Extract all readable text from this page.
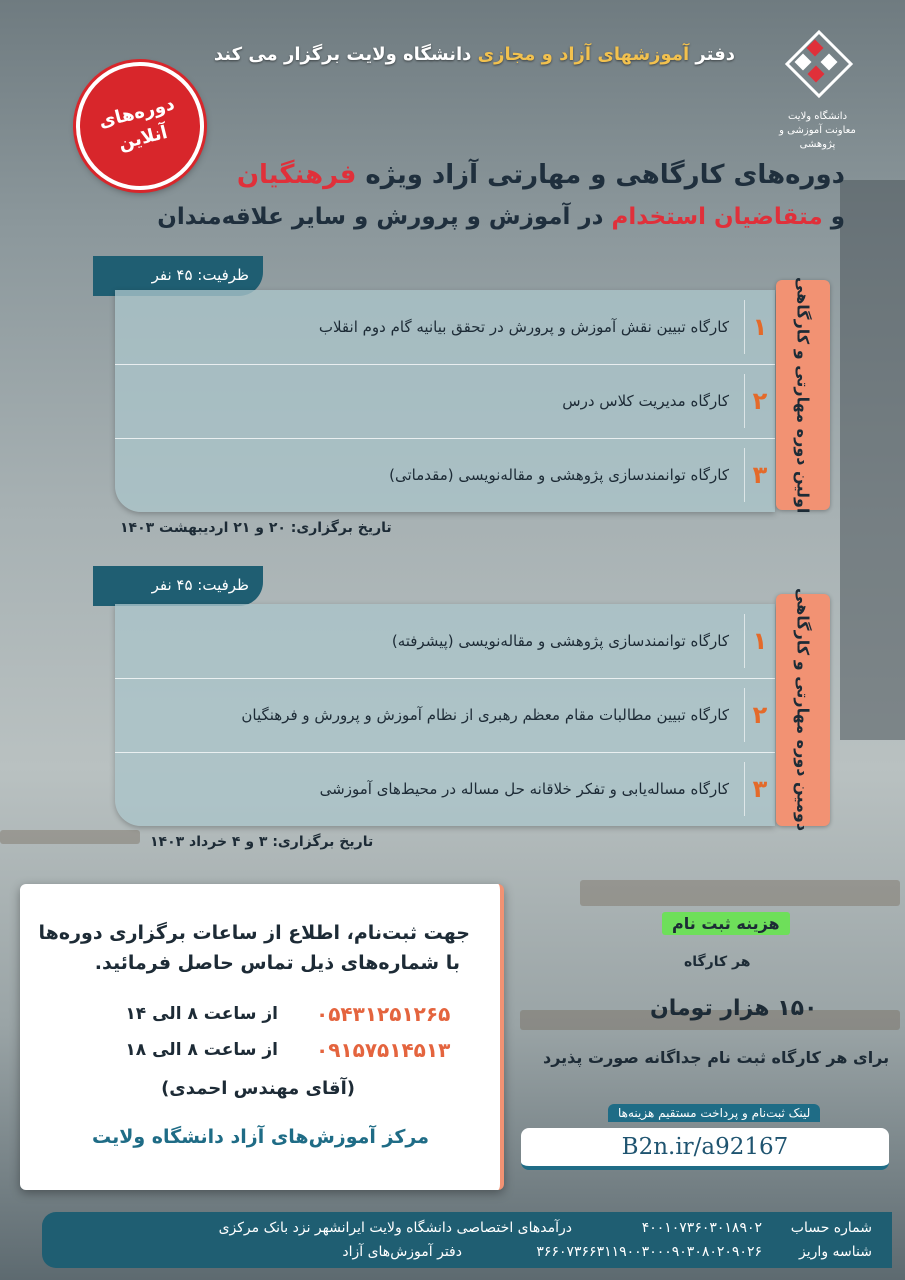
دفتر آموزشهای آزاد و مجازی دانشگاه ولایت برگزار می کند
دانشگاه ولایت
معاونت آموزشی و پژوهشی
دوره‌های آنلاین
دوره‌های کارگاهی و مهارتی آزاد ویژه فرهنگیان
و متقاضیان استخدام در آموزش و پرورش و سایر علاقه‌مندان
ظرفیت: ۴۵ نفر
۱
کارگاه تبیین نقش آموزش و پرورش در تحقق بیانیه گام دوم انقلاب
۲
کارگاه مدیریت کلاس درس
۳
کارگاه توانمندسازی پژوهشی و مقاله‌نویسی (مقدماتی)	اولین دوره مهارتی و کارگاهی
تاریخ برگزاری: ۲۰ و ۲۱ اردیبهشت ۱۴۰۳
ظرفیت: ۴۵ نفر
۱
کارگاه توانمندسازی پژوهشی و مقاله‌نویسی (پیشرفته)
۲
کارگاه تبیین مطالبات مقام معظم رهبری از نظام آموزش و پرورش و فرهنگیان
۳
کارگاه مساله‌یابی و تفکر خلاقانه حل مساله در محیط‌های آموزشی	دومین دوره مهارتی و کارگاهی
تاریخ برگزاری: ۳ و ۴ خرداد ۱۴۰۳
جهت ثبت‌نام، اطلاع از ساعات برگزاری دوره‌ها
با شماره‌های ذیل تماس حاصل فرمائید.
از ساعت ۸ الی ۱۴ ۰۵۴۳۱۲۵۱۲۶۵
از ساعت ۸ الی ۱۸ ۰۹۱۵۷۵۱۴۵۱۳
(آقای مهندس احمدی)
مرکز آموزش‌های آزاد دانشگاه ولایت
هزینه ثبت نام
هر کارگاه
۱۵۰ هزار تومان
برای هر کارگاه ثبت نام جداگانه صورت پذیرد
لینک ثبت‌نام و پرداخت مستقیم هزینه‌ها
B2n.ir/a92167
شماره حساب
۴۰۰۱۰۷۳۶۰۳۰۱۸۹۰۲
درآمدهای اختصاصی دانشگاه ولایت ایرانشهر نزد بانک مرکزی
شناسه واریز
۳۶۶۰۷۳۶۶۳۱۱۹۰۰۳۰۰۰۹۰۳۰۸۰۲۰۹۰۲۶
دفتر آموزش‌های آزاد
